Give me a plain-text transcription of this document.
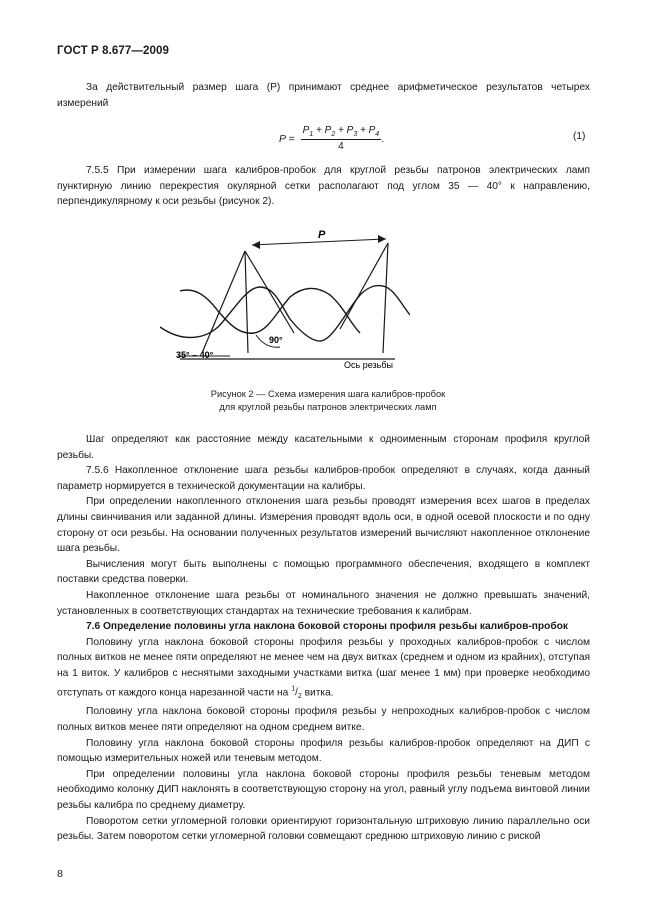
ГОСТ Р 8.677—2009

За действительный размер шага (Р) принимают среднее арифметическое результатов четырех измерений

$P = \frac{P_1 + P_2 + P_3 + P_4}{4}$ .	(1)

7.5.5 При измерении шага калибров-пробок для круглой резьбы патронов электрических ламп пунктирную линию перекрестия окулярной сетки располагают под углом 35 — 40° к направлению, перпендикулярному к оси резьбы (рисунок 2).

P
35° – 40°
90°
Ось резьбы
Рисунок 2 — Схема измерения шага калибров-пробок
для круглой резьбы патронов электрических ламп

Шаг определяют как расстояние между касательными к одноименным сторонам профиля круглой резьбы.

7.5.6 Накопленное отклонение шага резьбы калибров-пробок определяют в случаях, когда данный параметр нормируется в технической документации на калибры.

При определении накопленного отклонения шага резьбы проводят измерения всех шагов в пределах длины свинчивания или заданной длины. Измерения проводят вдоль оси, в одной осевой плоскости и по одну сторону от оси резьбы. На основании полученных результатов измерений вычисляют накопленное отклонение шага резьбы.

Вычисления могут быть выполнены с помощью программного обеспечения, входящего в комплект поставки средства поверки.

Накопленное отклонение шага резьбы от номинального значения не должно превышать значений, установленных в соответствующих стандартах на технические требования к калибрам.

7.6 Определение половины угла наклона боковой стороны профиля резьбы калибров-пробок

Половину угла наклона боковой стороны профиля резьбы у проходных калибров-пробок с числом полных витков не менее пяти определяют не менее чем на двух витках (среднем и одном из крайних), отступая на 1 виток. У калибров с неснятыми заходными участками витка (шаг менее 1 мм) при проверке необходимо отступать от каждого конца нарезанной части на $^1/_2$ витка.

Половину угла наклона боковой стороны профиля резьбы у непроходных калибров-пробок с числом полных витков менее пяти определяют на одном среднем витке.

Половину угла наклона боковой стороны профиля резьбы калибров-пробок определяют на ДИП с помощью измерительных ножей или теневым методом.

При определении половины угла наклона боковой стороны профиля резьбы теневым методом необходимо колонку ДИП наклонять в соответствующую сторону на угол, равный углу подъема винтовой линии резьбы калибра по среднему диаметру.

Поворотом сетки угломерной головки ориентируют горизонтальную штриховую линию параллельно оси резьбы. Затем поворотом сетки угломерной головки совмещают среднюю штриховую линию с риской

8
